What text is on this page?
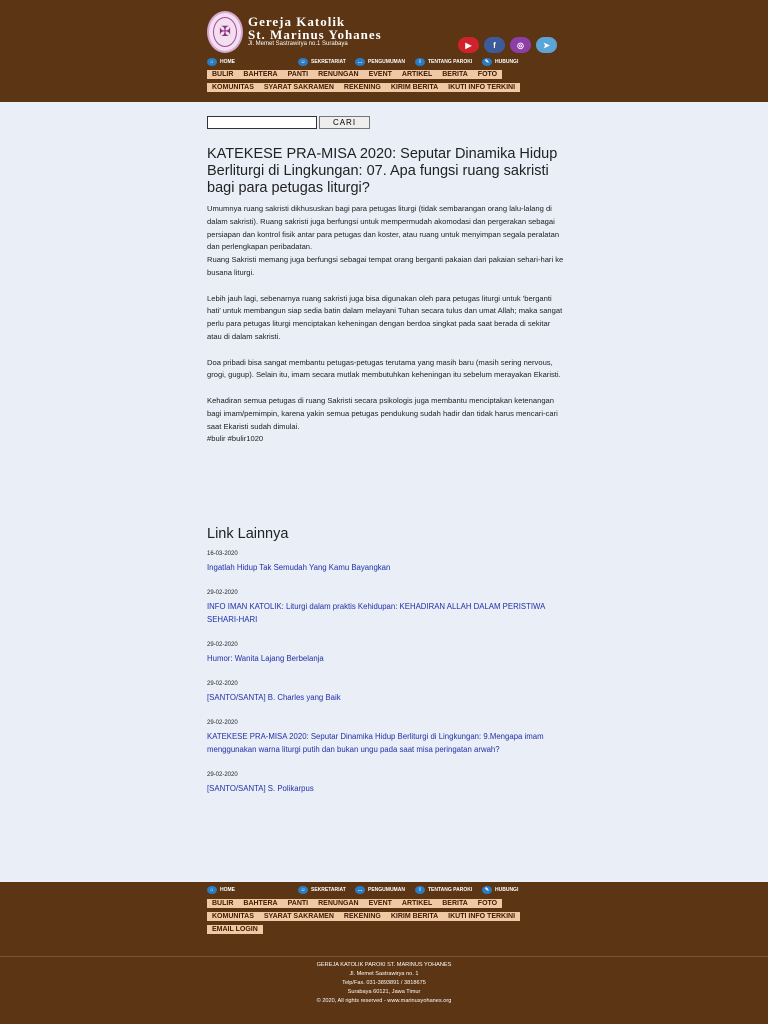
✠
Gereja Katolik
St. Marinus Yohanes
Jl. Memet Sastrawirya no.1 Surabaya	▶	f	◎	➤
⌂	HOME	☺	SEKRETARIAT	…	PENGUMUMAN	i	TENTANG PAROKI	✎	HUBUNGI
BULIR	BAHTERA	PANTI	RENUNGAN	EVENT	ARTIKEL	BERITA	FOTO
KOMUNITAS	SYARAT SAKRAMEN	REKENING	KIRIM BERITA	IKUTI INFO TERKINI
CARI
KATEKESE PRA-MISA 2020: Seputar Dinamika Hidup Berliturgi di Lingkungan: 07. Apa fungsi ruang sakristi bagi para petugas liturgi?

Umumnya ruang sakristi dikhususkan bagi para petugas liturgi (tidak sembarangan orang lalu-lalang di dalam sakristi). Ruang sakristi juga berfungsi untuk mempermudah akomodasi dan pergerakan sebagai persiapan dan kontrol fisik antar para petugas dan koster, atau ruang untuk menyimpan segala peralatan dan perlengkapan peribadatan.

Ruang Sakristi memang juga berfungsi sebagai tempat orang berganti pakaian dari pakaian sehari-hari ke busana liturgi.

Lebih jauh lagi, sebenarnya ruang sakristi juga bisa digunakan oleh para petugas liturgi untuk 'berganti hati' untuk membangun siap sedia batin dalam melayani Tuhan secara tulus dan umat Allah; maka sangat perlu para petugas liturgi menciptakan keheningan dengan berdoa singkat pada saat berada di sekitar atau di dalam sakristi.

Doa pribadi bisa sangat membantu petugas-petugas terutama yang masih baru (masih sering nervous, grogi, gugup). Selain itu, imam secara mutlak membutuhkan keheningan itu sebelum merayakan Ekaristi.

Kehadiran semua petugas di ruang Sakristi secara psikologis juga membantu menciptakan ketenangan bagi imam/pemimpin, karena yakin semua petugas pendukung sudah hadir dan tidak harus mencari-cari saat Ekaristi sudah dimulai.

#bulir #bulir1020

Link Lainnya
16-03-2020
Ingatlah Hidup Tak Semudah Yang Kamu Bayangkan
29-02-2020
INFO IMAN KATOLIK: Liturgi dalam praktis Kehidupan: KEHADIRAN ALLAH DALAM PERISTIWA SEHARI-HARI
29-02-2020
Humor: Wanita Lajang Berbelanja
29-02-2020
[SANTO/SANTA] B. Charles yang Baik
29-02-2020
KATEKESE PRA-MISA 2020: Seputar Dinamika Hidup Berliturgi di Lingkungan: 9.Mengapa imam menggunakan warna liturgi putih dan bukan ungu pada saat misa peringatan arwah?
29-02-2020
[SANTO/SANTA] S. Polikarpus
⌂	HOME	☺	SEKRETARIAT	…	PENGUMUMAN	i	TENTANG PAROKI	✎	HUBUNGI
BULIR	BAHTERA	PANTI	RENUNGAN	EVENT	ARTIKEL	BERITA	FOTO
KOMUNITAS	SYARAT SAKRAMEN	REKENING	KIRIM BERITA	IKUTI INFO TERKINI
EMAIL LOGIN
GEREJA KATOLIK PAROKI ST. MARINUS YOHANES
Jl. Memet Sastrawirya no. 1
Telp/Fax. 031-3893891 / 3818675
Surabaya 60121, Jawa Timur
© 2020, All rights reserved - www.marinusyohanes.org
